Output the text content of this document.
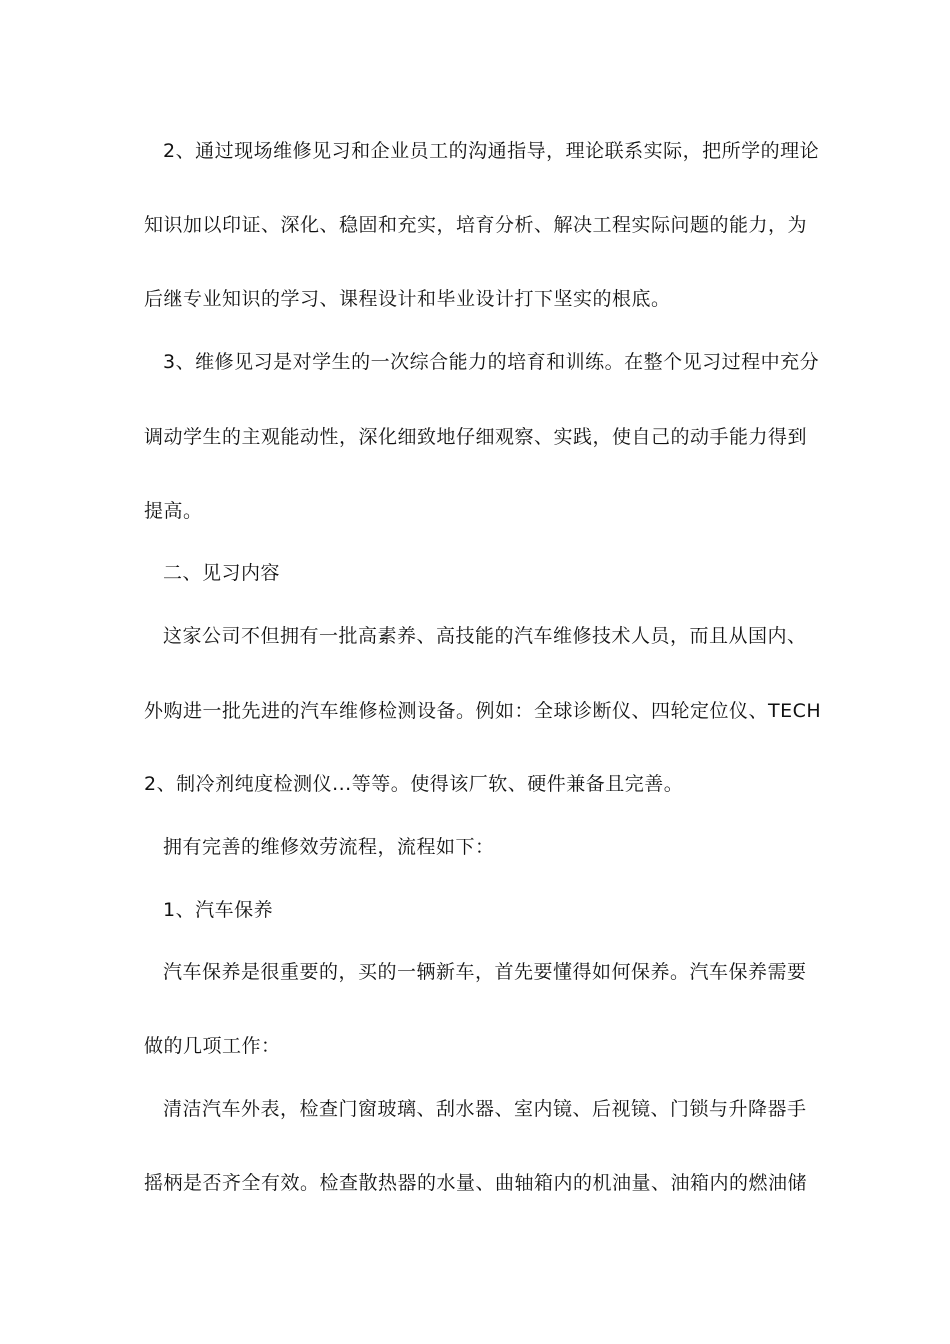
2、通过现场维修见习和企业员工的沟通指导，理论联系实际，把所学的理论
知识加以印证、深化、稳固和充实，培育分析、解决工程实际问题的能力，为
后继专业知识的学习、课程设计和毕业设计打下坚实的根底。
3、维修见习是对学生的一次综合能力的培育和训练。在整个见习过程中充分
调动学生的主观能动性，深化细致地仔细观察、实践，使自己的动手能力得到
提高。
二、见习内容
这家公司不但拥有一批高素养、高技能的汽车维修技术人员，而且从国内、
外购进一批先进的汽车维修检测设备。例如：全球诊断仪、四轮定位仪、TECH
2、制冷剂纯度检测仪...等等。使得该厂软、硬件兼备且完善。
拥有完善的维修效劳流程，流程如下：
1、汽车保养
汽车保养是很重要的，买的一辆新车，首先要懂得如何保养。汽车保养需要
做的几项工作：
清洁汽车外表，检查门窗玻璃、刮水器、室内镜、后视镜、门锁与升降器手
摇柄是否齐全有效。检查散热器的水量、曲轴箱内的机油量、油箱内的燃油储
